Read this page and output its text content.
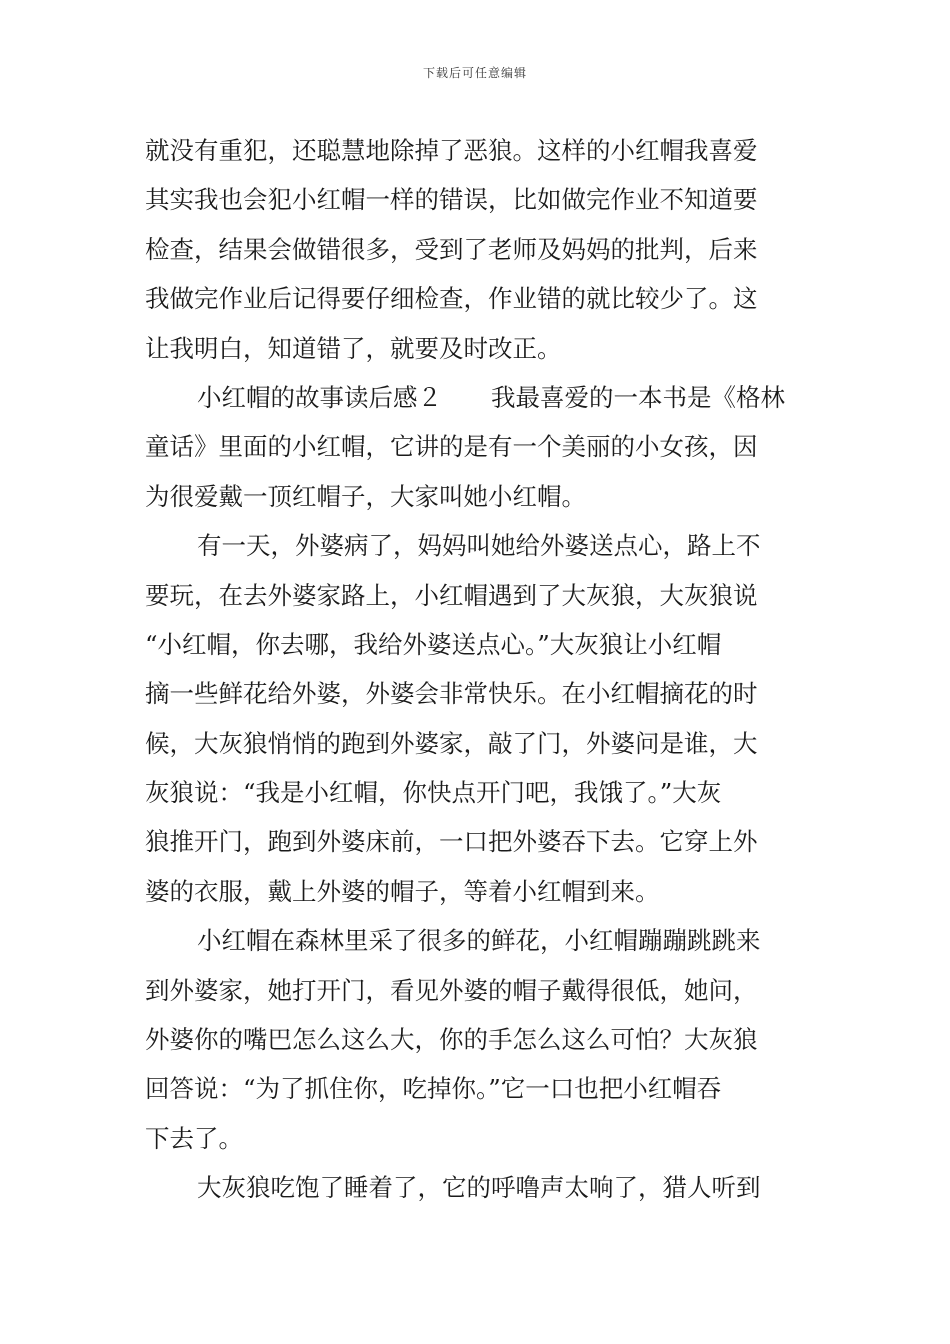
下载后可任意编辑
就没有重犯，还聪慧地除掉了恶狼。这样的小红帽我喜爱
其实我也会犯小红帽一样的错误，比如做完作业不知道要
检查，结果会做错很多，受到了老师及妈妈的批判，后来
我做完作业后记得要仔细检查，作业错的就比较少了。这
让我明白，知道错了，就要及时改正。
小红帽的故事读后感２　　我最喜爱的一本书是《格林
童话》里面的小红帽，它讲的是有一个美丽的小女孩，因
为很爱戴一顶红帽子，大家叫她小红帽。
有一天，外婆病了，妈妈叫她给外婆送点心，路上不
要玩，在去外婆家路上，小红帽遇到了大灰狼，大灰狼说
“小红帽，你去哪，我给外婆送点心。”大灰狼让小红帽
摘一些鲜花给外婆，外婆会非常快乐。在小红帽摘花的时
候，大灰狼悄悄的跑到外婆家，敲了门，外婆问是谁，大
灰狼说：“我是小红帽，你快点开门吧，我饿了。”大灰
狼推开门，跑到外婆床前，一口把外婆吞下去。它穿上外
婆的衣服，戴上外婆的帽子，等着小红帽到来。
小红帽在森林里采了很多的鲜花，小红帽蹦蹦跳跳来
到外婆家，她打开门，看见外婆的帽子戴得很低，她问，
外婆你的嘴巴怎么这么大，你的手怎么这么可怕？大灰狼
回答说：“为了抓住你，吃掉你。”它一口也把小红帽吞
下去了。
大灰狼吃饱了睡着了，它的呼噜声太响了，猎人听到
